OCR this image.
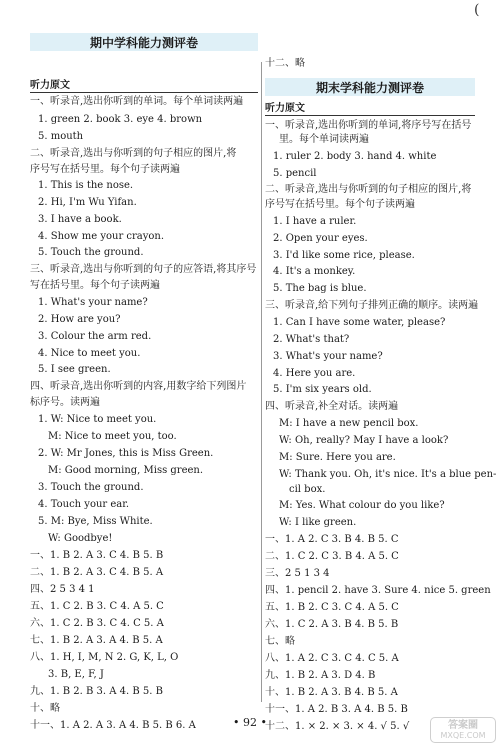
(
期中学科能力测评卷
听力原文
一、听录音,选出你听到的单词。每个单词读两遍
1. green 2. book 3. eye 4. brown
5. mouth
二、听录音,选出与你听到的句子相应的图片,将
序号写在括号里。每个句子读两遍
1. This is the nose.
2. Hi, I'm Wu Yifan.
3. I have a book.
4. Show me your crayon.
5. Touch the ground.
三、听录音,选出与你听到的句子的应答语,将其序号
写在括号里。每个句子读两遍
1. What's your name?
2. How are you?
3. Colour the arm red.
4. Nice to meet you.
5. I see green.
四、听录音,选出你听到的内容,用数字给下列图片
标序号。读两遍
1. W: Nice to meet you.
M: Nice to meet you, too.
2. W: Mr Jones, this is Miss Green.
M: Good morning, Miss green.
3. Touch the ground.
4. Touch your ear.
5. M: Bye, Miss White.
W: Goodbye!
一、1. B 2. A 3. C 4. B 5. B
二、1. B 2. A 3. C 4. B 5. A
四、2 5 3 4 1
五、1. C 2. B 3. C 4. A 5. C
六、1. C 2. B 3. C 4. C 5. A
七、1. B 2. A 3. A 4. B 5. A
八、1. H, I, M, N 2. G, K, L, O
3. B, E, F, J
九、1. B 2. B 3. A 4. B 5. B
十、略
十一、1. A 2. A 3. A 4. B 5. B 6. A
十二、略
期末学科能力测评卷
听力原文
一、听录音,选出你听到的单词,将序号写在括号
里。每个单词读两遍
1. ruler 2. body 3. hand 4. white
5. pencil
二、听录音,选出与你听到的句子相应的图片,将
序号写在括号里。每个句子读两遍
1. I have a ruler.
2. Open your eyes.
3. I'd like some rice, please.
4. It's a monkey.
5. The bag is blue.
三、听录音,给下列句子排列正确的顺序。读两遍
1. Can I have some water, please?
2. What's that?
3. What's your name?
4. Here you are.
5. I'm six years old.
四、听录音,补全对话。读两遍
M: I have a new pencil box.
W: Oh, really? May I have a look?
M: Sure. Here you are.
W: Thank you. Oh, it's nice. It's a blue pen-
cil box.
M: Yes. What colour do you like?
W: I like green.
一、1. A 2. C 3. B 4. B 5. C
二、1. C 2. C 3. B 4. A 5. C
三、2 5 1 3 4
四、1. pencil 2. have 3. Sure 4. nice 5. green
五、1. B 2. C 3. C 4. A 5. C
六、1. C 2. A 3. B 4. B 5. B
七、略
八、1. A 2. C 3. C 4. C 5. A
九、1. B 2. A 3. D 4. B
十、1. B 2. A 3. B 4. B 5. A
十一、1. A 2. B 3. A 4. B 5. B
十二、1. × 2. × 3. × 4. √ 5. √
• 92 •	答案圈
MXQE.COM
